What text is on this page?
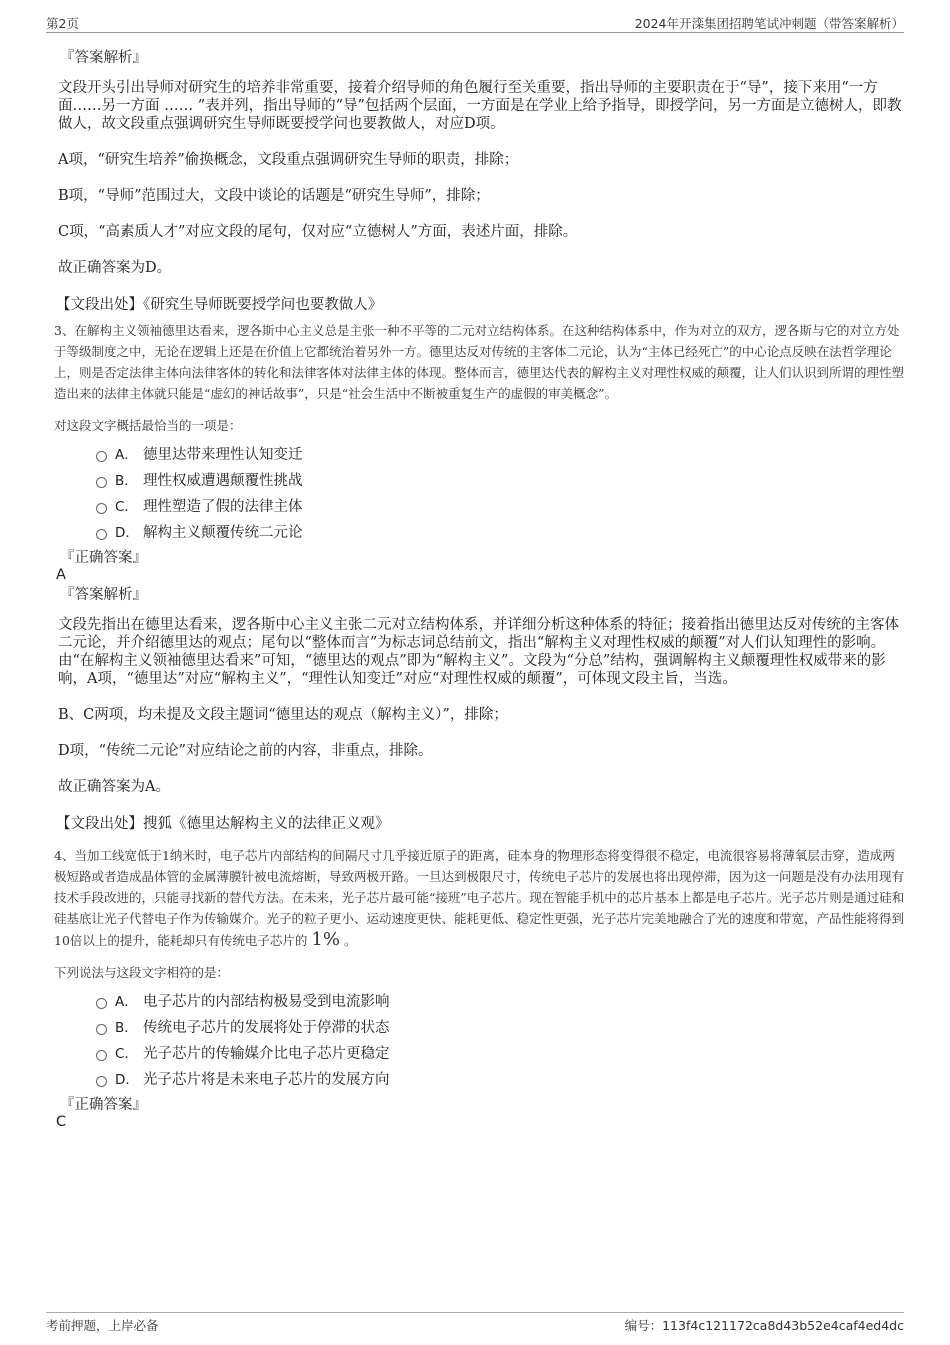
第2页	2024年开滦集团招聘笔试冲刺题（带答案解析）
『答案解析』
文段开头引出导师对研究生的培养非常重要，接着介绍导师的角色履行至关重要，指出导师的主要职责在于“导”，接下来用“一方面……另一方面 …… ”表并列，指出导师的“导”包括两个层面，一方面是在学业上给予指导，即授学问，另一方面是立德树人，即教做人，故文段重点强调研究生导师既要授学问也要教做人，对应D项。
A项，“研究生培养”偷换概念，文段重点强调研究生导师的职责，排除；
B项，“导师”范围过大，文段中谈论的话题是“研究生导师”，排除；
C项，“高素质人才”对应文段的尾句，仅对应“立德树人”方面，表述片面，排除。
故正确答案为D。
【文段出处】《研究生导师既要授学问也要教做人》
3、在解构主义领袖德里达看来，逻各斯中心主义总是主张一种不平等的二元对立结构体系。在这种结构体系中，作为对立的双方，逻各斯与它的对立方处于等级制度之中，无论在逻辑上还是在价值上它都统治着另外一方。德里达反对传统的主客体二元论，认为“主体已经死亡”的中心论点反映在法哲学理论上，则是否定法律主体向法律客体的转化和法律客体对法律主体的体现。整体而言，德里达代表的解构主义对理性权威的颠覆，让人们认识到所谓的理性塑造出来的法律主体就只能是“虚幻的神话故事”，只是“社会生活中不断被重复生产的虚假的审美概念”。
对这段文字概括最恰当的一项是：
A． 德里达带来理性认知变迁
B． 理性权威遭遇颠覆性挑战
C． 理性塑造了假的法律主体
D． 解构主义颠覆传统二元论
『正确答案』
A
『答案解析』
文段先指出在德里达看来，逻各斯中心主义主张二元对立结构体系，并详细分析这种体系的特征；接着指出德里达反对传统的主客体二元论，并介绍德里达的观点；尾句以“整体而言”为标志词总结前文，指出“解构主义对理性权威的颠覆”对人们认知理性的影响。由“在解构主义领袖德里达看来”可知，“德里达的观点”即为“解构主义”。文段为“分总”结构，强调解构主义颠覆理性权威带来的影响，A项，“德里达”对应“解构主义”，“理性认知变迁”对应“对理性权威的颠覆”，可体现文段主旨，当选。
B、C两项，均未提及文段主题词“德里达的观点（解构主义）”，排除；
D项，“传统二元论”对应结论之前的内容，非重点，排除。
故正确答案为A。
【文段出处】搜狐《德里达解构主义的法律正义观》
4、当加工线宽低于1纳米时，电子芯片内部结构的间隔尺寸几乎接近原子的距离，硅本身的物理形态将变得很不稳定，电流很容易将薄氧层击穿，造成两极短路或者造成晶体管的金属薄膜针被电流熔断，导致两极开路。一旦达到极限尺寸，传统电子芯片的发展也将出现停滞，因为这一问题是没有办法用现有技术手段改进的，只能寻找新的替代方法。在未来，光子芯片最可能“接班”电子芯片。现在智能手机中的芯片基本上都是电子芯片。光子芯片则是通过硅和硅基底让光子代替电子作为传输媒介。光子的粒子更小、运动速度更快、能耗更低、稳定性更强，光子芯片完美地融合了光的速度和带宽，产品性能将得到10倍以上的提升，能耗却只有传统电子芯片的 1% 。
下列说法与这段文字相符的是：
A． 电子芯片的内部结构极易受到电流影响
B． 传统电子芯片的发展将处于停滞的状态
C． 光子芯片的传输媒介比电子芯片更稳定
D． 光子芯片将是未来电子芯片的发展方向
『正确答案』
C
考前押题，上岸必备	编号：113f4c121172ca8d43b52e4caf4ed4dc
